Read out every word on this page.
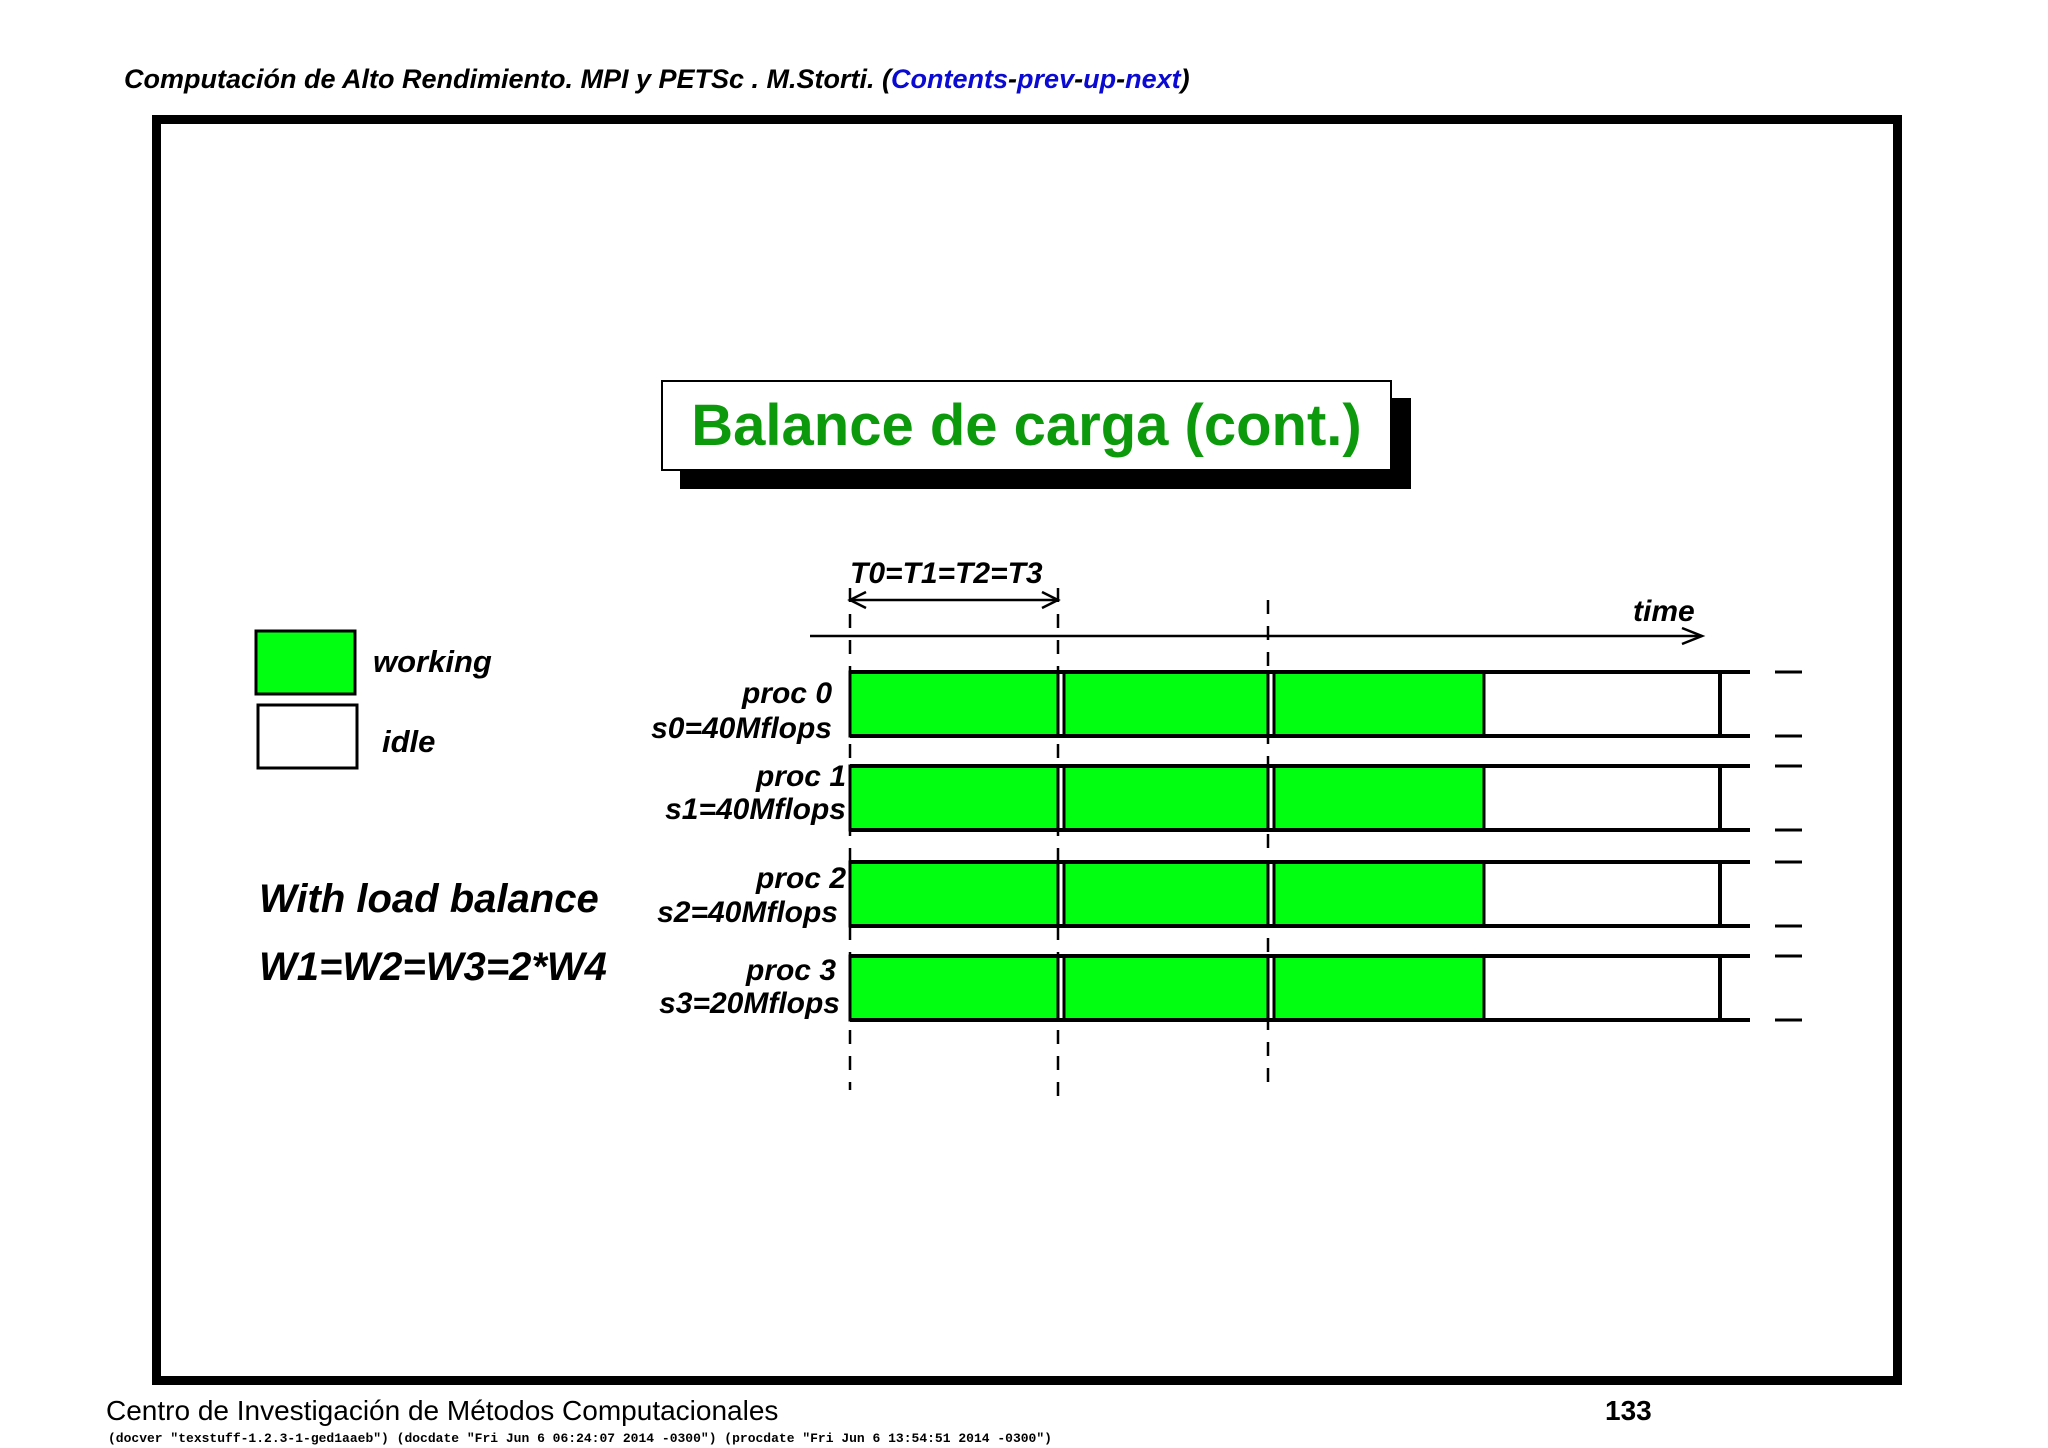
Computación de Alto Rendimiento. MPI y PETSc . M.Storti. (Contents-prev-up-next)
Balance de carga (cont.)
working
idle
With load balance
W1=W2=W3=2*W4
T0=T1=T2=T3
time
proc 0
s0=40Mflops
proc 1
s1=40Mflops
proc 2
s2=40Mflops
proc 3
s3=20Mflops
Centro de Investigación de Métodos Computacionales	133
(docver "texstuff-1.2.3-1-ged1aaeb") (docdate "Fri Jun 6 06:24:07 2014 -0300") (procdate "Fri Jun 6 13:54:51 2014 -0300")
